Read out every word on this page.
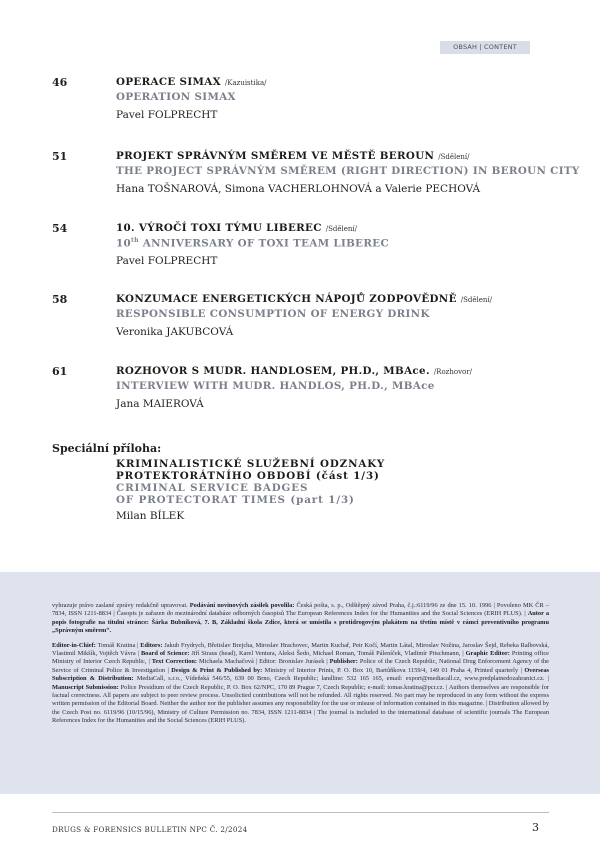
OBSAH | CONTENT
46	OPERACE SIMAX /Kazuistika/
OPERATION SIMAX
Pavel FOLPRECHT
51	PROJEKT SPRÁVNÝM SMĚREM VE MĚSTĚ BEROUN /Sdělení/
THE PROJECT SPRÁVNÝM SMĚREM (RIGHT DIRECTION) IN BEROUN CITY
Hana TOŠNAROVÁ, Simona VACHERLOHNOVÁ a Valerie PECHOVÁ
54	10. VÝROČÍ TOXI TÝMU LIBEREC /Sdělení/
10th ANNIVERSARY OF TOXI TEAM LIBEREC
Pavel FOLPRECHT
58	KONZUMACE ENERGETICKÝCH NÁPOJŮ ZODPOVĚDNĚ /Sdělení/
RESPONSIBLE CONSUMPTION OF ENERGY DRINK
Veronika JAKUBCOVÁ
61	ROZHOVOR S MUDR. HANDLOSEM, PH.D., MBAce. /Rozhovor/
INTERVIEW WITH MUDR. HANDLOS, PH.D., MBAce
Jana MAIEROVÁ
Speciální příloha:
KRIMINALISTICKÉ SLUŽEBNÍ ODZNAKY
PROTEKTORÁTNÍHO OBDOBÍ (část 1/3)
CRIMINAL SERVICE BADGES
OF PROTECTORAT TIMES (part 1/3)
Milan BÍLEK

vyhrazuje právo zaslané zprávy redakčně upravovat. Podávání novinových zásilek povolila: Česká pošta, s. p., Odštěpný závod Praha, č.j.:6119/96 ze dne 15. 10. 1996 | Povoleno MK ČR – 7834, ISSN 1211-8834 | Časopis je zařazen do mezinárodní databáze odborných časopisů The European References Index for the Humanities and the Social Sciences (ERIH PLUS). | Autor a popis fotografie na titulní stránce: Šárka Bubníková, 7. B, Základní škola Zdice, která se umístila s protidrogovým plakátem na třetím místě v rámci preventivního programu „Správným směrem“.

Editor-in-Chief: Tomáš Kratina | Editors: Jakub Frydrych, Břetislav Brejcha, Miroslav Hrachovec, Martin Kuchař, Petr Kočí, Martin Látal, Miroslav Nožina, Jaroslav Šejd, Rebeka Ralbovská, Vlastimil Mikšík, Vojtěch Vávra | Board of Science: Jiří Straus (head), Karel Ventura, Aleksi Šedo, Michael Roman, Tomáš Páleníček, Vladimír Pitschmann, | Graphic Editor: Printing office Ministry of Interior Czech Republic, | Text Correction: Michaela Machačová | Editor: Bronislav Jurásek | Publisher: Police of the Czech Republic, National Drug Enforcement Agency of the Service of Criminal Police & Investigation | Design & Print & Published by: Ministry of Interior Prints, P. O. Box 10, Bartůňkova 1159/4, 149 01 Praha 4, Printed quarterly | Overseas Subscription & Distribution: MediaCall, s.r.o., Vídeňská 546/55, 639 00 Brno, Czech Republic; landline: 532 165 165, email: export@mediacall.cz, www.predplatnedozahranici.cz. | Manuscript Submission: Police Presidium of the Czech Republic, P. O. Box 62/NPC, 170 89 Prague 7, Czech Republic; e-mail: tomas.kratina@pcr.cz. | Authors themselves are responsible for factual correctness. All papers are subject to peer review process. Unsolicited contributions will not be refunded. All rights reserved. No part may be reproduced in any form without the express written permission of the Editorial Board. Neither the author nor the publisher assumes any responsibility for the use or misuse of information contained in this magazine. | Distribution allowed by the Czech Post no. 6119/96 (10/15/96), Ministry of Culture Permission no. 7834, ISSN 1211-8834 | The journal is included to the international database of scientific journals The European References Index for the Humanities and the Social Sciences (ERIH PLUS).

DRUGS & FORENSICS BULLETIN NPC Č. 2/2024	3
